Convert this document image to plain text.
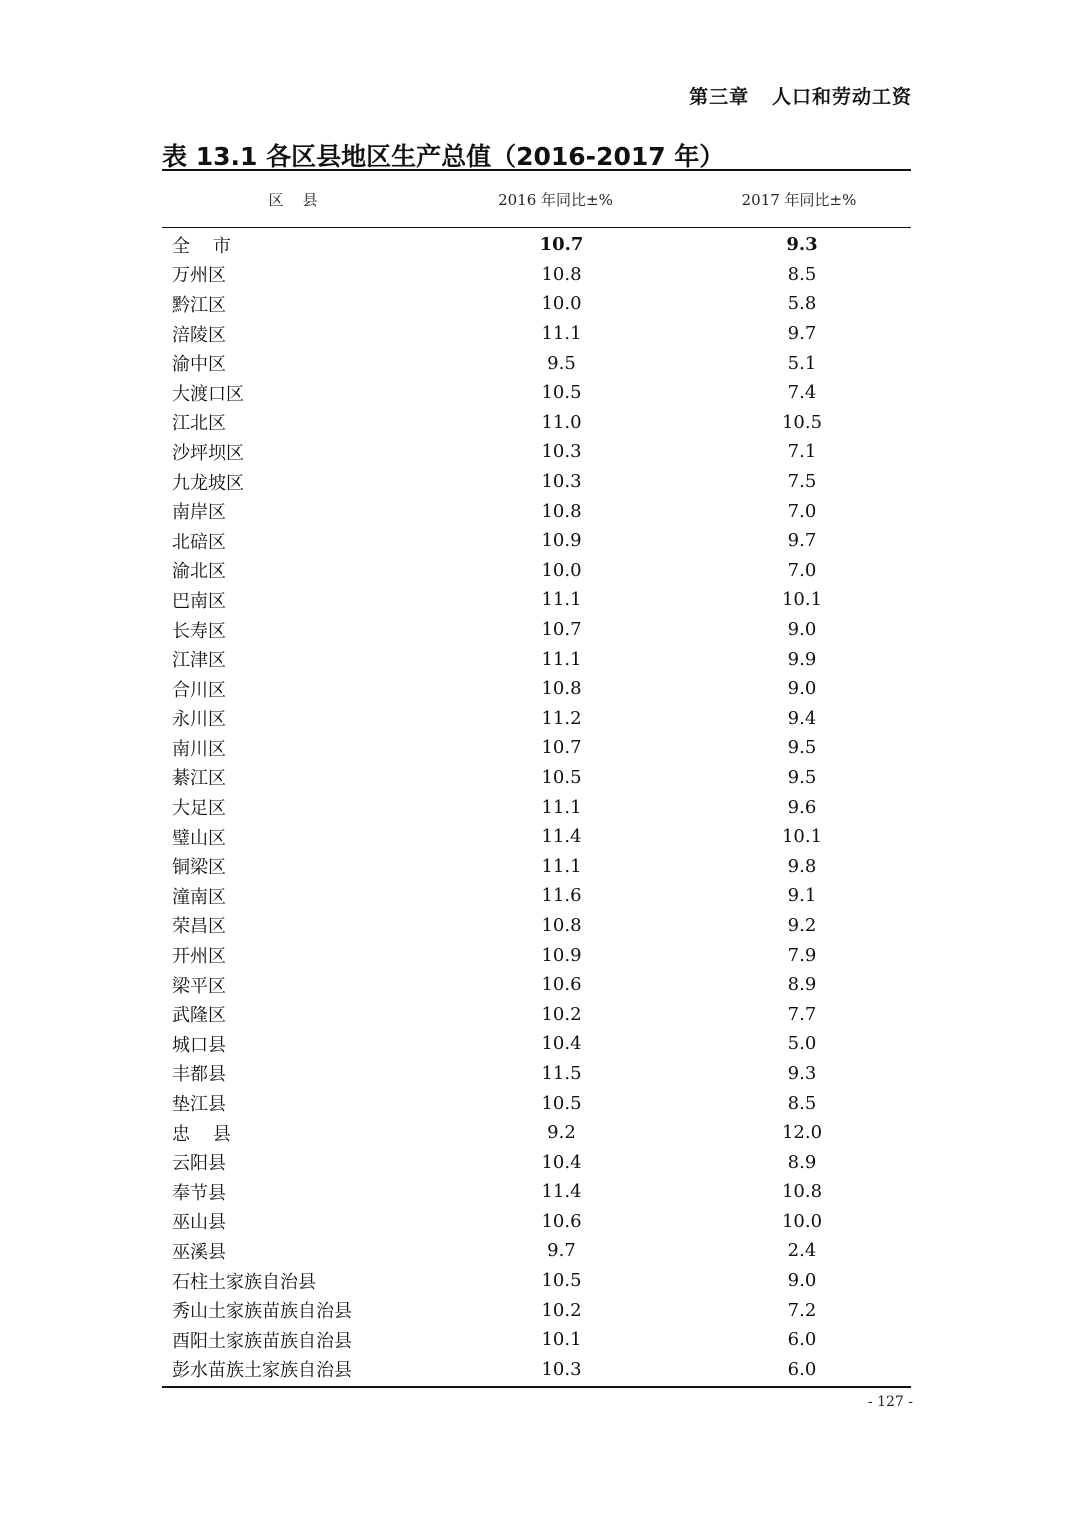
第三章   人口和劳动工资
表 13.1 各区县地区生产总值（2016-2017 年）
区    县	2016 年同比±%	2017 年同比±%
全    市	10.7	9.3
万州区	10.8	8.5
黔江区	10.0	5.8
涪陵区	11.1	9.7
渝中区	9.5	5.1
大渡口区	10.5	7.4
江北区	11.0	10.5
沙坪坝区	10.3	7.1
九龙坡区	10.3	7.5
南岸区	10.8	7.0
北碚区	10.9	9.7
渝北区	10.0	7.0
巴南区	11.1	10.1
长寿区	10.7	9.0
江津区	11.1	9.9
合川区	10.8	9.0
永川区	11.2	9.4
南川区	10.7	9.5
綦江区	10.5	9.5
大足区	11.1	9.6
璧山区	11.4	10.1
铜梁区	11.1	9.8
潼南区	11.6	9.1
荣昌区	10.8	9.2
开州区	10.9	7.9
梁平区	10.6	8.9
武隆区	10.2	7.7
城口县	10.4	5.0
丰都县	11.5	9.3
垫江县	10.5	8.5
忠    县	9.2	12.0
云阳县	10.4	8.9
奉节县	11.4	10.8
巫山县	10.6	10.0
巫溪县	9.7	2.4
石柱土家族自治县	10.5	9.0
秀山土家族苗族自治县	10.2	7.2
酉阳土家族苗族自治县	10.1	6.0
彭水苗族土家族自治县	10.3	6.0
- 127 -
